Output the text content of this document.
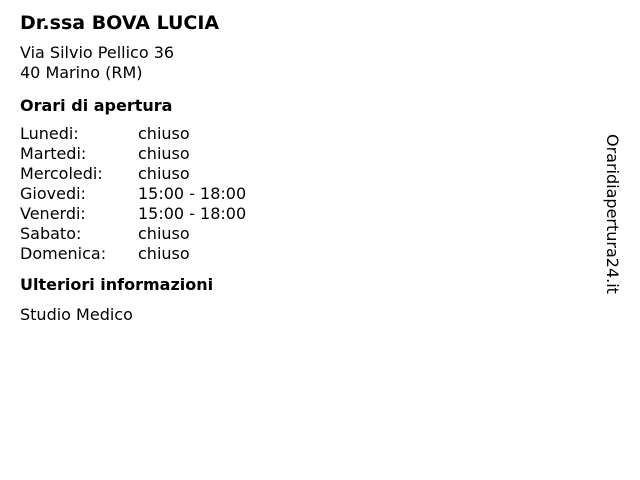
Dr.ssa BOVA LUCIA
Via Silvio Pellico 36
40 Marino (RM)
Orari di apertura
Lunedi:	chiuso
Martedi:	chiuso
Mercoledi:	chiuso
Giovedi:	15:00 - 18:00
Venerdi:	15:00 - 18:00
Sabato:	chiuso
Domenica:	chiuso
Ulteriori informazioni
Studio Medico
Oraridiapertura24.it
